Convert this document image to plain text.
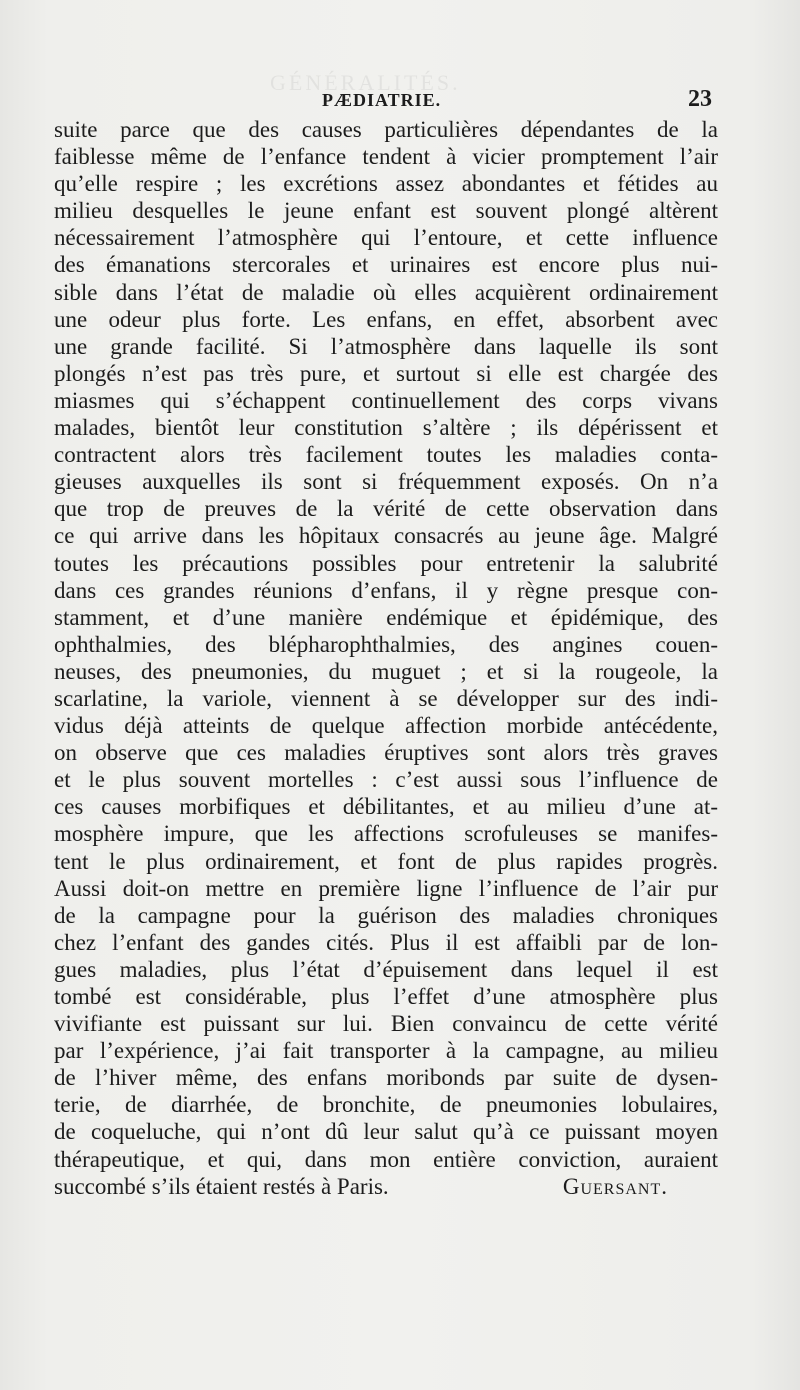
GÉNÉRALITÉS.
PÆDIATRIE.	23
suite parce que des causes particulières dépendantes de la
faiblesse même de l’enfance tendent à vicier promptement l’air
qu’elle respire ; les excrétions assez abondantes et fétides au
milieu desquelles le jeune enfant est souvent plongé altèrent
nécessairement l’atmosphère qui l’entoure, et cette influence
des émanations stercorales et urinaires est encore plus nui-
sible dans l’état de maladie où elles acquièrent ordinairement
une odeur plus forte. Les enfans, en effet, absorbent avec
une grande facilité. Si l’atmosphère dans laquelle ils sont
plongés n’est pas très pure, et surtout si elle est chargée des
miasmes qui s’échappent continuellement des corps vivans
malades, bientôt leur constitution s’altère ; ils dépérissent et
contractent alors très facilement toutes les maladies conta-
gieuses auxquelles ils sont si fréquemment exposés. On n’a
que trop de preuves de la vérité de cette observation dans
ce qui arrive dans les hôpitaux consacrés au jeune âge. Malgré
toutes les précautions possibles pour entretenir la salubrité
dans ces grandes réunions d’enfans, il y règne presque con-
stamment, et d’une manière endémique et épidémique, des
ophthalmies, des blépharophthalmies, des angines couen-
neuses, des pneumonies, du muguet ; et si la rougeole, la
scarlatine, la variole, viennent à se développer sur des indi-
vidus déjà atteints de quelque affection morbide antécédente,
on observe que ces maladies éruptives sont alors très graves
et le plus souvent mortelles : c’est aussi sous l’influence de
ces causes morbifiques et débilitantes, et au milieu d’une at-
mosphère impure, que les affections scrofuleuses se manifes-
tent le plus ordinairement, et font de plus rapides progrès.
Aussi doit-on mettre en première ligne l’influence de l’air pur
de la campagne pour la guérison des maladies chroniques
chez l’enfant des gandes cités. Plus il est affaibli par de lon-
gues maladies, plus l’état d’épuisement dans lequel il est
tombé est considérable, plus l’effet d’une atmosphère plus
vivifiante est puissant sur lui. Bien convaincu de cette vérité
par l’expérience, j’ai fait transporter à la campagne, au milieu
de l’hiver même, des enfans moribonds par suite de dysen-
terie, de diarrhée, de bronchite, de pneumonies lobulaires,
de coqueluche, qui n’ont dû leur salut qu’à ce puissant moyen
thérapeutique, et qui, dans mon entière conviction, auraient
succombé s’ils étaient restés à Paris.	Guersant.
